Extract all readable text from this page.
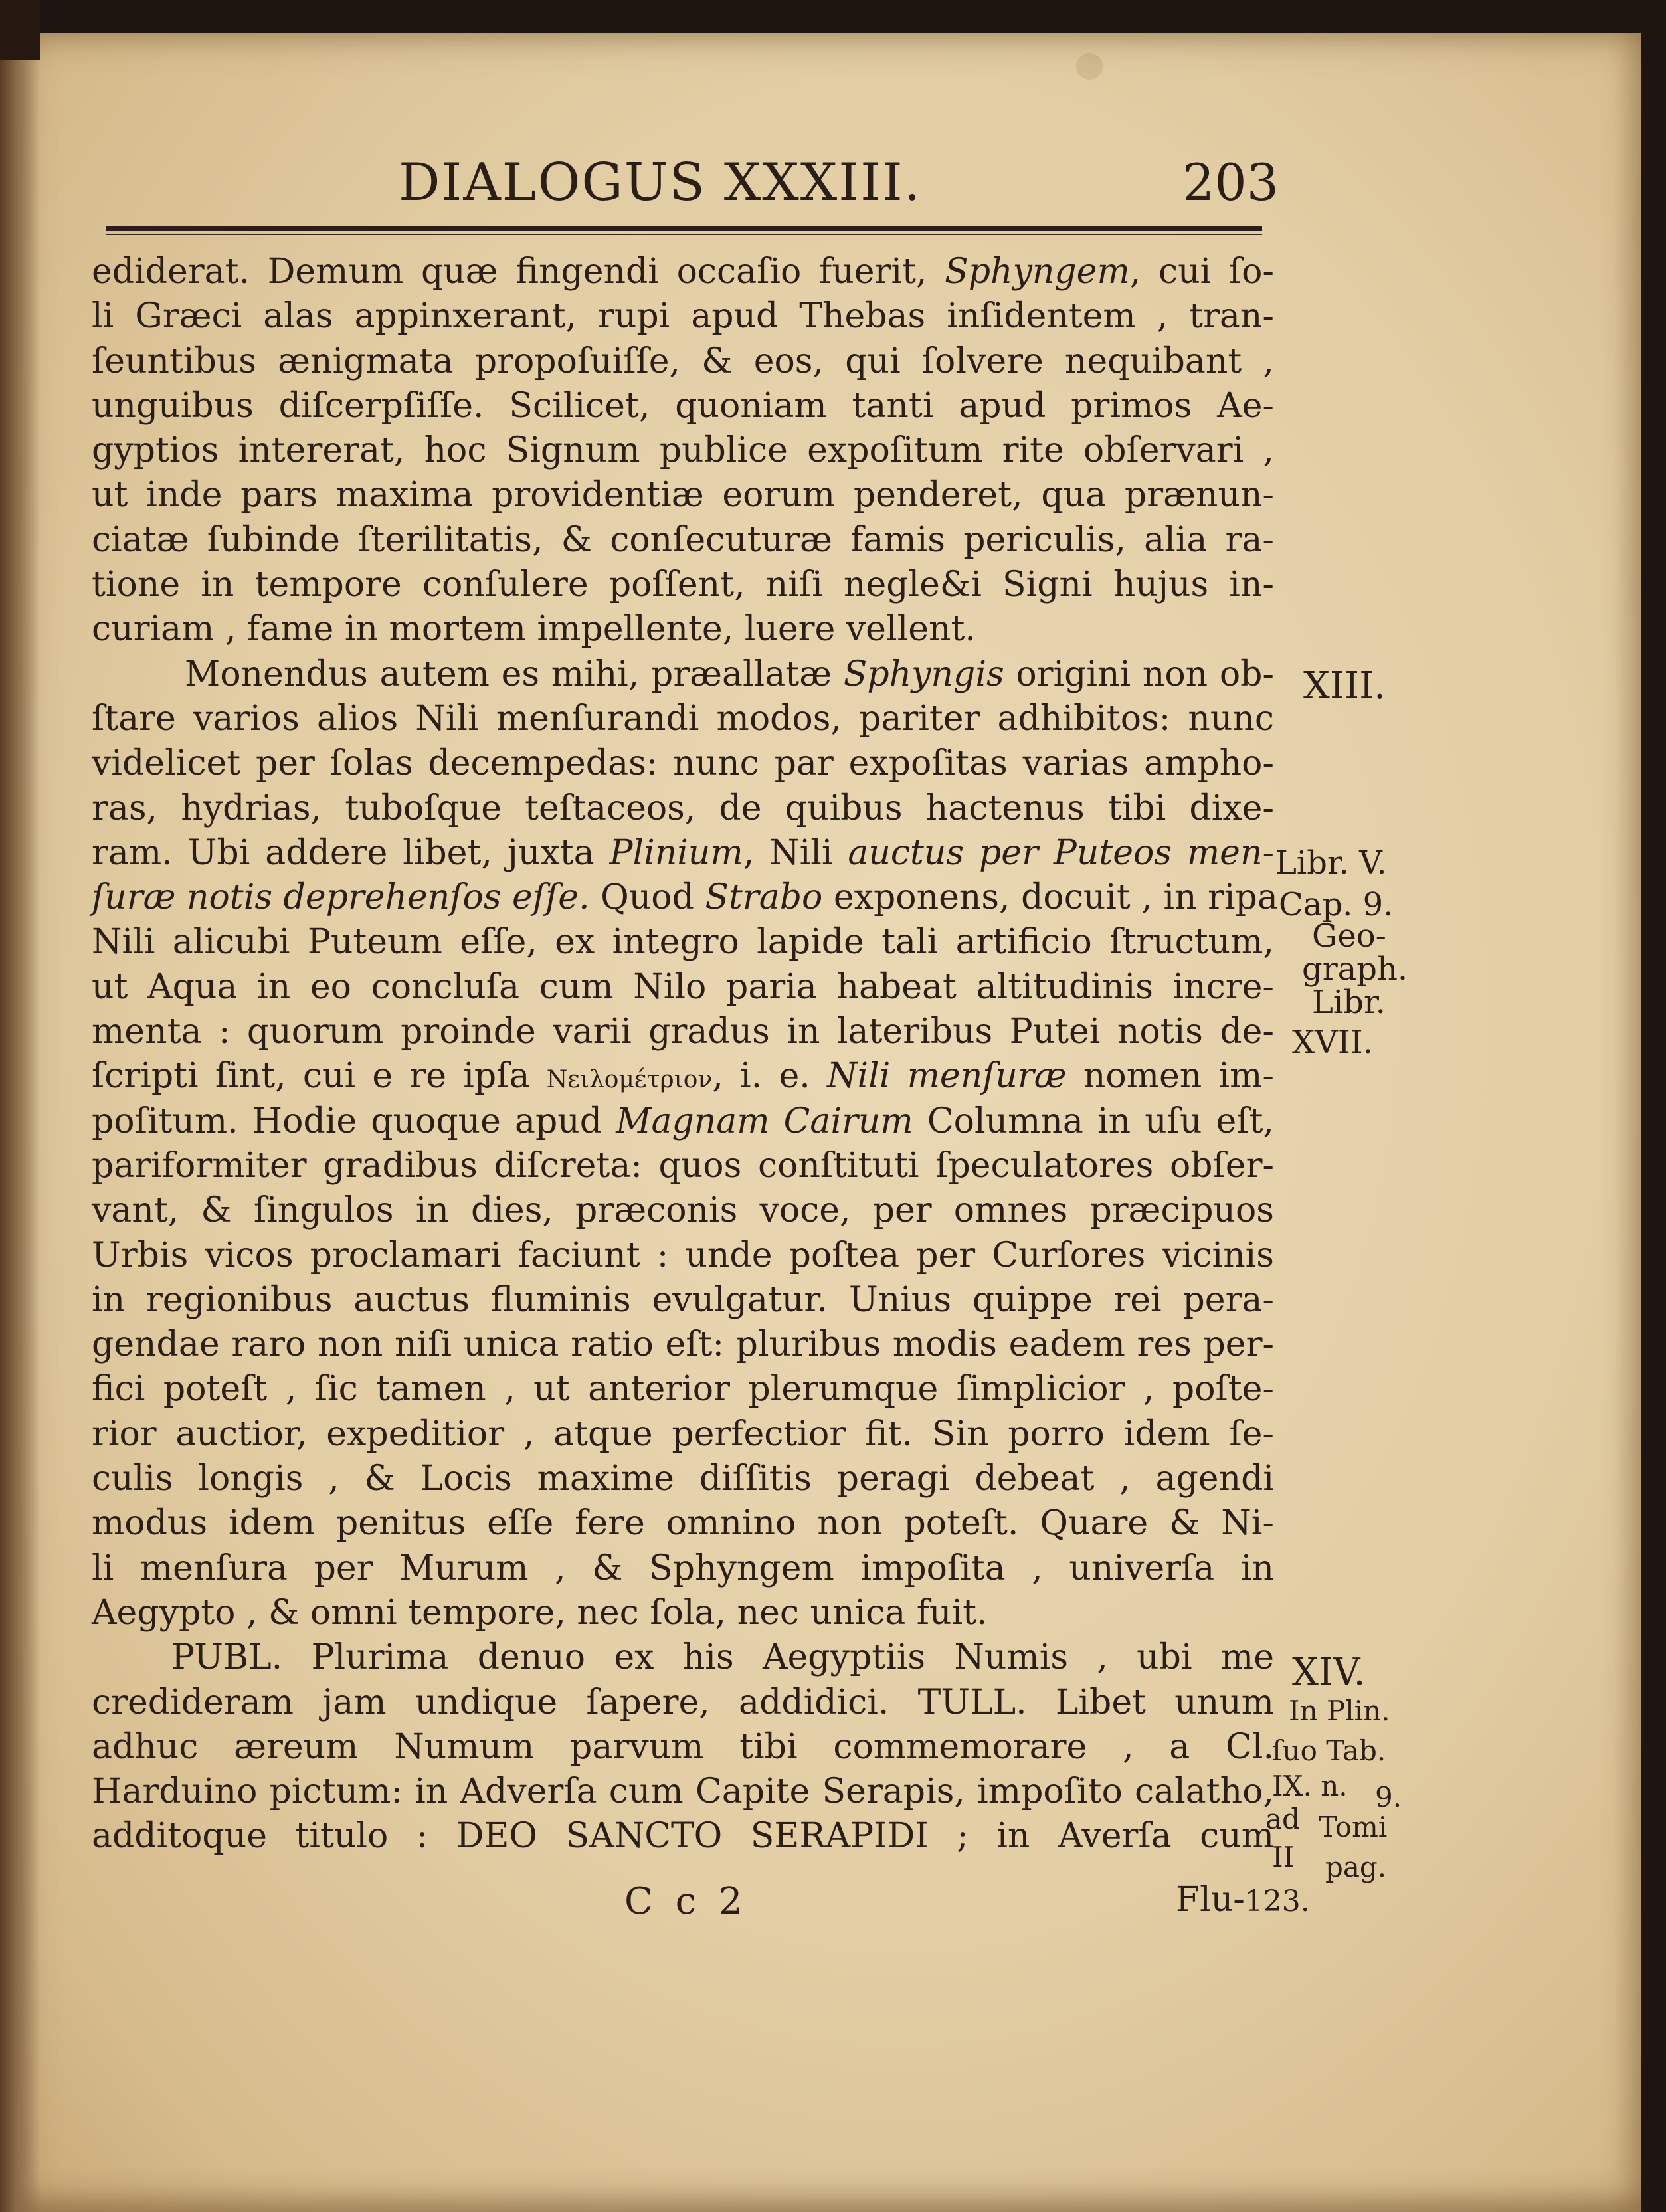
DIALOGUS XXXIII.	203
ediderat. Demum quæ fingendi occaſio fuerit, Sphyngem, cui ſo-
li Græci alas appinxerant, rupi apud Thebas inſidentem , tran-
ſeuntibus ænigmata propoſuiſſe, & eos, qui ſolvere nequibant ,
unguibus diſcerpſiſſe. Scilicet, quoniam tanti apud primos Ae-
gyptios intererat, hoc Signum publice expoſitum rite obſervari ,
ut inde pars maxima providentiæ eorum penderet, qua prænun-
ciatæ ſubinde ſterilitatis, & conſecuturæ famis periculis, alia ra-
tione in tempore conſulere poſſent, niſi negle&i Signi hujus in-
curiam , fame in mortem impellente, luere vellent.
Monendus autem es mihi, præallatæ Sphyngis origini non ob-
ſtare varios alios Nili menſurandi modos, pariter adhibitos: nunc
videlicet per ſolas decempedas: nunc par expoſitas varias ampho-
ras, hydrias, tuboſque teſtaceos, de quibus hactenus tibi dixe-
ram. Ubi addere libet, juxta Plinium, Nili auctus per Puteos men-
ſuræ notis deprehenſos eſſe. Quod Strabo exponens, docuit , in ripa
Nili alicubi Puteum eſſe, ex integro lapide tali artificio ſtructum,
ut Aqua in eo concluſa cum Nilo paria habeat altitudinis incre-
menta : quorum proinde varii gradus in lateribus Putei notis de-
ſcripti ſint, cui e re ipſa Νειλομέτριον, i. e. Nili menſuræ nomen im-
poſitum. Hodie quoque apud Magnam Cairum Columna in uſu eſt,
pariformiter gradibus diſcreta: quos conſtituti ſpeculatores obſer-
vant, & ſingulos in dies, præconis voce, per omnes præcipuos
Urbis vicos proclamari faciunt : unde poſtea per Curſores vicinis
in regionibus auctus fluminis evulgatur. Unius quippe rei pera-
gendae raro non niſi unica ratio eſt: pluribus modis eadem res per-
fici poteſt , ſic tamen , ut anterior plerumque ſimplicior , poſte-
rior auctior, expeditior , atque perfectior fit. Sin porro idem ſe-
culis longis , & Locis maxime diſſitis peragi debeat , agendi
modus idem penitus eſſe fere omnino non poteſt. Quare & Ni-
li menſura per Murum , & Sphyngem impoſita , univerſa in
Aegypto , & omni tempore, nec ſola, nec unica fuit.
PUBL. Plurima denuo ex his Aegyptiis Numis , ubi me
credideram jam undique ſapere, addidici. TULL. Libet unum
adhuc æreum Numum parvum tibi commemorare , a Cl.
Harduino pictum: in Adverſa cum Capite Serapis, impoſito calatho,
additoque titulo : DEO SANCTO SERAPIDI ; in Averſa cum
C c 2	Flu-123.
XIII.
Libr. V.
Cap. 9.
Geo-
graph.
Libr.
XVII.
XIV.
In Plin.
ſuo Tab.
IX. n.
ad
9.
Tomi
II pag.
